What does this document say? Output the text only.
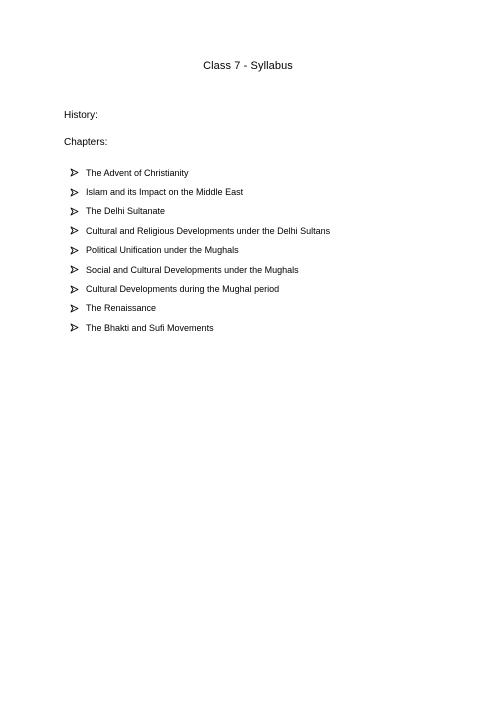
Class 7 - Syllabus
History:
Chapters:
The Advent of Christianity
Islam and its Impact on the Middle East
The Delhi Sultanate
Cultural and Religious Developments under the Delhi Sultans
Political Unification under the Mughals
Social and Cultural Developments under the Mughals
Cultural Developments during the Mughal period
The Renaissance
The Bhakti and Sufi Movements
